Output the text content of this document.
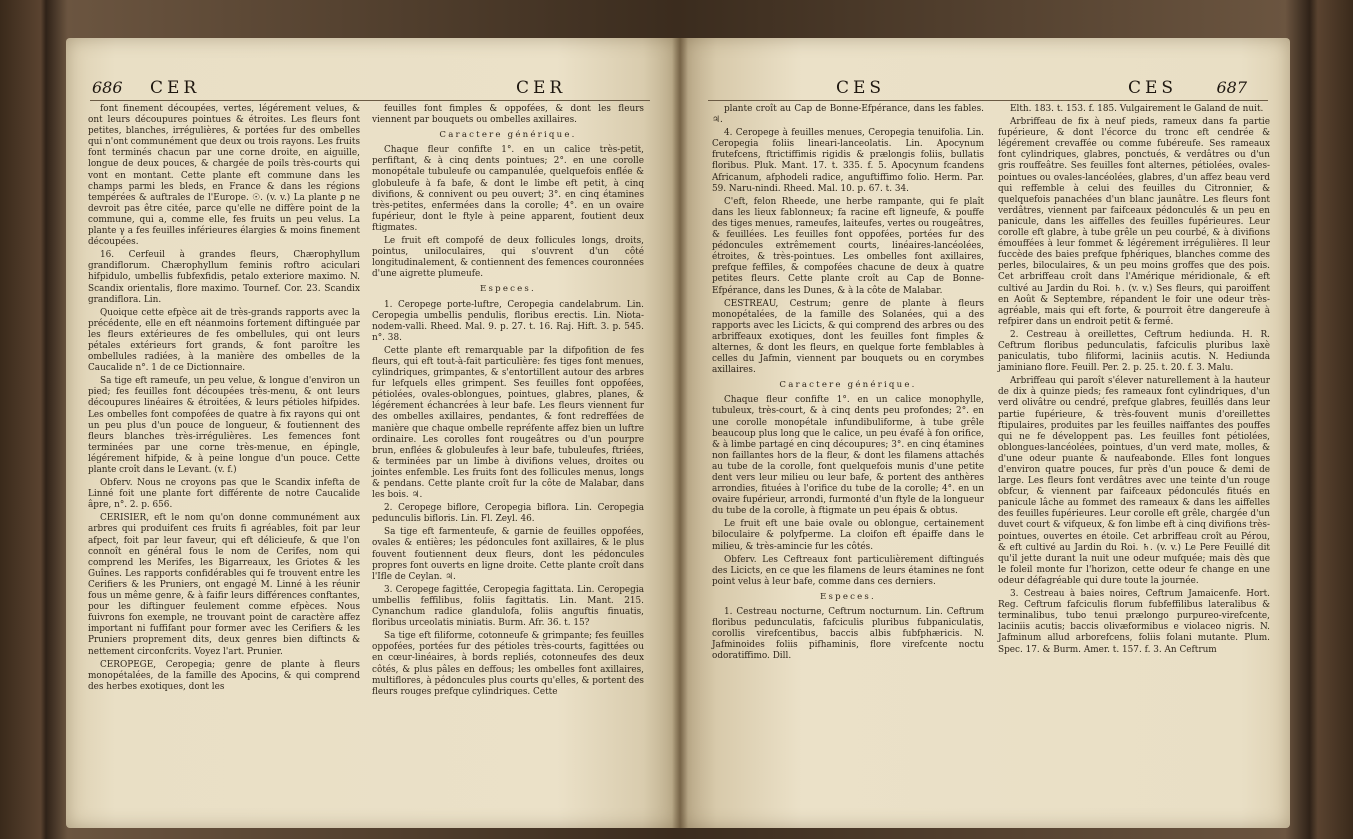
686 CER	CER

font finement découpées, vertes, légérement velues, & ont leurs découpures pointues & étroites. Les fleurs font petites, blanches, irrégulières, & portées fur des ombelles qui n'ont communément que deux ou trois rayons. Les fruits font terminés chacun par une corne droite, en aiguille, longue de deux pouces, & chargée de poils très-courts qui vont en montant. Cette plante eft commune dans les champs parmi les bleds, en France & dans les régions tempérées & auftrales de l'Europe. ☉. (v. v.) La plante ꝑ ne devroit pas être citée, parce qu'elle ne diffère point de la commune, qui a, comme elle, fes fruits un peu velus. La plante γ a fes feuilles inférieures élargies & moins finement découpées.

16. Cerfeuil à grandes fleurs, Chærophyllum grandiflorum. Chærophyllum feminis roftro aciculari hifpidulo, umbellis fubfexfidis, petalo exteriore maximo. N. Scandix orientalis, flore maximo. Tournef. Cor. 23. Scandix grandiflora. Lin.

Quoique cette efpèce ait de très-grands rapports avec la précédente, elle en eft néanmoins fortement diftinguée par les fleurs extérieures de fes ombellules, qui ont leurs pétales extérieurs fort grands, & font paroître les ombellules radiées, à la manière des ombelles de la Caucalide n°. 1 de ce Dictionnaire.

Sa tige eft rameufe, un peu velue, & longue d'environ un pied; fes feuilles font découpées très-menu, & ont leurs découpures linéaires & étroitées, & leurs pétioles hifpides. Les ombelles font compofées de quatre à fix rayons qui ont un peu plus d'un pouce de longueur, & foutiennent des fleurs blanches très-irrégulières. Les femences font terminées par une corne très-menue, en épingle, légérement hifpide, & à peine longue d'un pouce. Cette plante croît dans le Levant. (v. f.)

Obferv. Nous ne croyons pas que le Scandix infefta de Linné foit une plante fort différente de notre Caucalide âpre, n°. 2. p. 656.

CERISIER, eft le nom qu'on donne communément aux arbres qui produifent ces fruits fi agréables, foit par leur afpect, foit par leur faveur, qui eft délicieufe, & que l'on connoît en général fous le nom de Cerifes, nom qui comprend les Merifes, les Bigarreaux, les Griotes & les Guînes. Les rapports confidérables qui fe trouvent entre les Cerifiers & les Pruniers, ont engagé M. Linné à les réunir fous un même genre, & à faifir leurs différences conftantes, pour les diftinguer feulement comme efpèces. Nous fuivrons fon exemple, ne trouvant point de caractère affez important ni fuffifant pour former avec les Cerifiers & les Pruniers proprement dits, deux genres bien diftincts & nettement circonfcrits. Voyez l'art. Prunier.

CEROPEGE, Ceropegia; genre de plante à fleurs monopétalées, de la famille des Apocins, & qui comprend des herbes exotiques, dont les

feuilles font fimples & oppofées, & dont les fleurs viennent par bouquets ou ombelles axillaires.

Caractere générique.

Chaque fleur confifte 1°. en un calice très-petit, perfiftant, & à cinq dents pointues; 2°. en une corolle monopétale tubuleufe ou campanulée, quelquefois enflée & globuleufe à fa bafe, & dont le limbe eft petit, à cinq divifions, & connivent ou peu ouvert; 3°. en cinq étamines très-petites, enfermées dans la corolle; 4°. en un ovaire fupérieur, dont le ftyle à peine apparent, foutient deux ftigmates.

Le fruit eft compofé de deux follicules longs, droits, pointus, uniloculaires, qui s'ouvrent d'un côté longitudinalement, & contiennent des femences couronnées d'une aigrette plumeufe.

Especes.

1. Ceropege porte-luftre, Ceropegia candelabrum. Lin. Ceropegia umbellis pendulis, floribus erectis. Lin. Niota-nodem-valli. Rheed. Mal. 9. p. 27. t. 16. Raj. Hift. 3. p. 545. n°. 38.

Cette plante eft remarquable par la difpofition de fes fleurs, qui eft tout-à-fait particulière: fes tiges font menues, cylindriques, grimpantes, & s'entortillent autour des arbres fur lefquels elles grimpent. Ses feuilles font oppofées, pétiolées, ovales-oblongues, pointues, glabres, planes, & légérement échancrées à leur bafe. Les fleurs viennent fur des ombelles axillaires, pendantes, & font redreffées de manière que chaque ombelle repréfente affez bien un luftre ordinaire. Les corolles font rougeâtres ou d'un pourpre brun, enflées & globuleufes à leur bafe, tubuleufes, ftriées, & terminées par un limbe à divifions velues, droites ou jointes enfemble. Les fruits font des follicules menus, longs & pendans. Cette plante croît fur la côte de Malabar, dans les bois. ♃.

2. Ceropege biflore, Ceropegia biflora. Lin. Ceropegia pedunculis bifloris. Lin. Fl. Zeyl. 46.

Sa tige eft farmenteufe, & garnie de feuilles oppofées, ovales & entières; les pédoncules font axillaires, & le plus fouvent foutiennent deux fleurs, dont les pédoncules propres font ouverts en ligne droite. Cette plante croît dans l'Ifle de Ceylan. ♃.

3. Ceropege fagittée, Ceropegia fagittata. Lin. Ceropegia umbellis feffilibus, foliis fagittatis. Lin. Mant. 215. Cynanchum radice glandulofa, foliis anguftis finuatis, floribus urceolatis miniatis. Burm. Afr. 36. t. 15?

Sa tige eft filiforme, cotonneufe & grimpante; fes feuilles oppofées, portées fur des pétioles très-courts, fagittées ou en cœur-linéaires, à bords repliés, cotonneufes des deux côtés, & plus pâles en deffous; les ombelles font axillaires, multiflores, à pédoncules plus courts qu'elles, & portent des fleurs rouges prefque cylindriques. Cette

CES	CES 687

plante croît au Cap de Bonne-Efpérance, dans les fables. ♃.

4. Ceropege à feuilles menues, Ceropegia tenuifolia. Lin. Ceropegia foliis lineari-lanceolatis. Lin. Apocynum frutefcens, ftrictiffimis rigidis & prælongis foliis, bullatis floribus. Pluk. Mant. 17. t. 335. f. 5. Apocynum fcandens Africanum, afphodeli radice, anguftiffimo folio. Herm. Par. 59. Naru-nindi. Rheed. Mal. 10. p. 67. t. 34.

C'eft, felon Rheede, une herbe rampante, qui fe plaît dans les lieux fablonneux; fa racine eft ligneufe, & pouffe des tiges menues, rameufes, laiteufes, vertes ou rougeâtres, & feuillées. Les feuilles font oppofées, portées fur des pédoncules extrêmement courts, linéaires-lancéolées, étroites, & très-pointues. Les ombelles font axillaires, prefque feffiles, & compofées chacune de deux à quatre petites fleurs. Cette plante croît au Cap de Bonne-Efpérance, dans les Dunes, & à la côte de Malabar.

CESTREAU, Cestrum; genre de plante à fleurs monopétalées, de la famille des Solanées, qui a des rapports avec les Licicts, & qui comprend des arbres ou des arbriffeaux exotiques, dont les feuilles font fimples & alternes, & dont les fleurs, en quelque forte femblables à celles du Jafmin, viennent par bouquets ou en corymbes axillaires.

Caractere générique.

Chaque fleur confifte 1°. en un calice monophylle, tubuleux, très-court, & à cinq dents peu profondes; 2°. en une corolle monopétale infundibuliforme, à tube grêle beaucoup plus long que le calice, un peu évafé à fon orifice, & à limbe partagé en cinq découpures; 3°. en cinq étamines non faillantes hors de la fleur, & dont les filamens attachés au tube de la corolle, font quelquefois munis d'une petite dent vers leur milieu ou leur bafe, & portent des anthères arrondies, fituées à l'orifice du tube de la corolle; 4°. en un ovaire fupérieur, arrondi, furmonté d'un ftyle de la longueur du tube de la corolle, à ftigmate un peu épais & obtus.

Le fruit eft une baie ovale ou oblongue, certainement biloculaire & polyfperme. La cloifon eft épaiffe dans le milieu, & très-amincie fur les côtés.

Obferv. Les Ceftreaux font particulièrement diftingués des Licicts, en ce que les filamens de leurs étamines ne font point velus à leur bafe, comme dans ces derniers.

Especes.

1. Cestreau nocturne, Ceftrum nocturnum. Lin. Ceftrum floribus pedunculatis, fafciculis pluribus fubpaniculatis, corollis virefcentibus, baccis albis fubfphæricis. N. Jafminoides foliis pifhaminis, flore virefcente noctu odoratiffimo. Dill.

Elth. 183. t. 153. f. 185. Vulgairement le Galand de nuit.

Arbriffeau de fix à neuf pieds, rameux dans fa partie fupérieure, & dont l'écorce du tronc eft cendrée & légérement crevaffée ou comme fubéreufe. Ses rameaux font cylindriques, glabres, ponctués, & verdâtres ou d'un gris rouffeâtre. Ses feuilles font alternes, pétiolées, ovales-pointues ou ovales-lancéolées, glabres, d'un affez beau verd qui reffemble à celui des feuilles du Citronnier, & quelquefois panachées d'un blanc jaunâtre. Les fleurs font verdâtres, viennent par faifceaux pédonculés & un peu en panicule, dans les aiffelles des feuilles fupérieures. Leur corolle eft glabre, à tube grêle un peu courbé, & à divifions émouffées à leur fommet & légérement irrégulières. Il leur fuccède des baies prefque fphériques, blanches comme des perles, biloculaires, & un peu moins groffes que des pois. Cet arbriffeau croît dans l'Amérique méridionale, & eft cultivé au Jardin du Roi. ♄. (v. v.) Ses fleurs, qui paroiffent en Août & Septembre, répandent le foir une odeur très-agréable, mais qui eft forte, & pourroit être dangereufe à refpirer dans un endroit petit & fermé.

2. Cestreau à oreillettes, Ceftrum hediunda. H. R. Ceftrum floribus pedunculatis, fafciculis pluribus laxè paniculatis, tubo filiformi, laciniis acutis. N. Hediunda jaminiano flore. Feuill. Per. 2. p. 25. t. 20. f. 3. Malu.

Arbriffeau qui paroît s'élever naturellement à la hauteur de dix à quinze pieds; fes rameaux font cylindriques, d'un verd olivâtre ou cendré, prefque glabres, feuillés dans leur partie fupérieure, & très-fouvent munis d'oreillettes ftipulaires, produites par les feuilles naiffantes des pouffes qui ne fe développent pas. Les feuilles font pétiolées, oblongues-lancéolées, pointues, d'un verd mate, molles, & d'une odeur puante & naufeabonde. Elles font longues d'environ quatre pouces, fur près d'un pouce & demi de large. Les fleurs font verdâtres avec une teinte d'un rouge obfcur, & viennent par faifceaux pédonculés fitués en panicule lâche au fommet des rameaux & dans les aiffelles des feuilles fupérieures. Leur corolle eft grêle, chargée d'un duvet court & vifqueux, & fon limbe eft à cinq divifions très-pointues, ouvertes en étoile. Cet arbriffeau croît au Pérou, & eft cultivé au Jardin du Roi. ♄. (v. v.) Le Pere Feuillé dit qu'il jette durant la nuit une odeur mufquée; mais dès que le foleil monte fur l'horizon, cette odeur fe change en une odeur défagréable qui dure toute la journée.

3. Cestreau à baies noires, Ceftrum Jamaicenfe. Hort. Reg. Ceftrum fafciculis florum fubfeffilibus lateralibus & terminalibus, tubo tenui prælongo purpureo-virefcente, laciniis acutis; baccis olivæformibus e violaceo nigris. N. Jafminum allud arborefcens, foliis folani mutante. Plum. Spec. 17. & Burm. Amer. t. 157. f. 3. An Ceftrum
